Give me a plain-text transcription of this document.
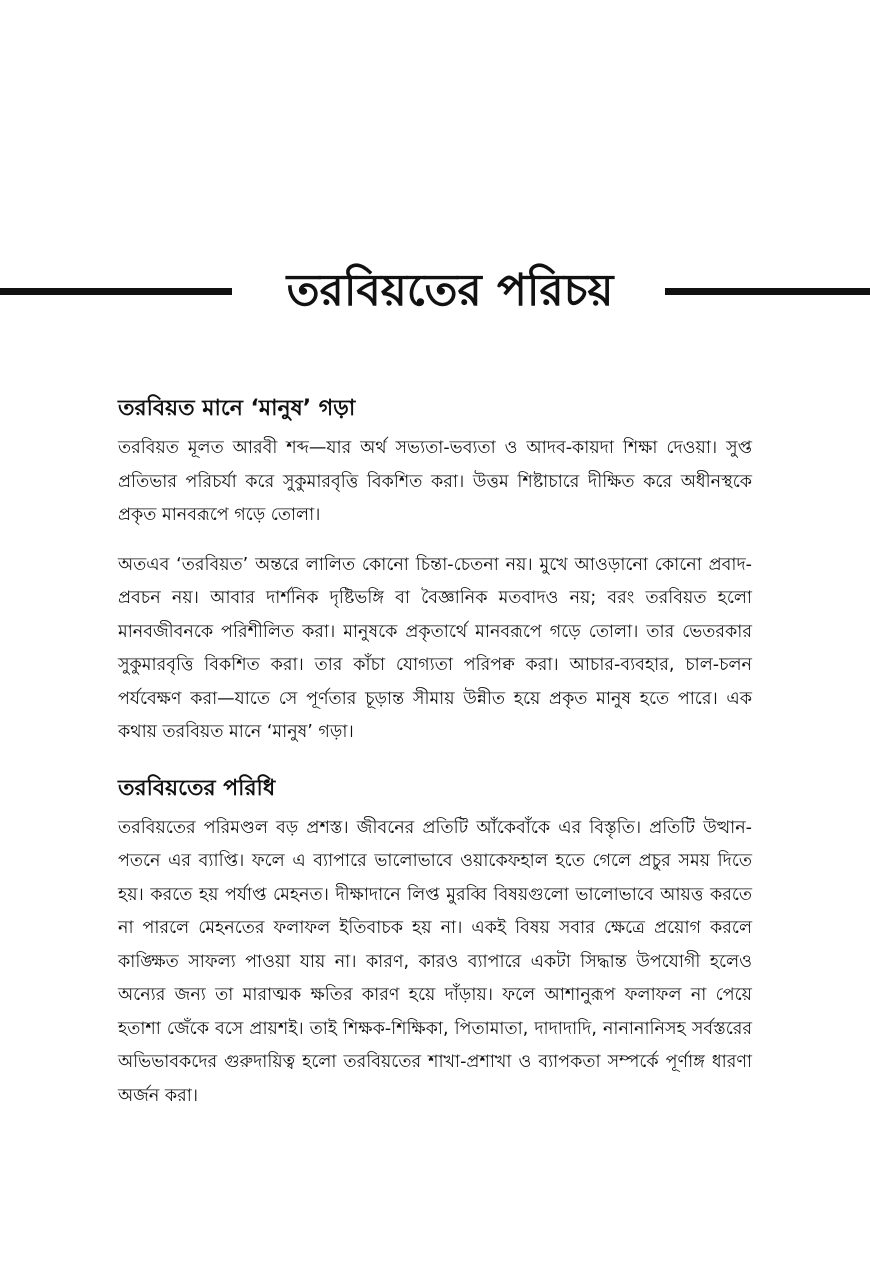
তরবিয়তের পরিচয়
তরবিয়ত মানে ‘মানুষ’ গড়া

তরবিয়ত মূলত আরবী শব্দ—যার অর্থ সভ্যতা-ভব্যতা ও আদব-কায়দা শিক্ষা দেওয়া। সুপ্ত প্রতিভার পরিচর্যা করে সুকুমারবৃত্তি বিকশিত করা। উত্তম শিষ্টাচারে দীক্ষিত করে অধীনস্থকে প্রকৃত মানবরূপে গড়ে তোলা।

অতএব ‘তরবিয়ত’ অন্তরে লালিত কোনো চিন্তা-চেতনা নয়। মুখে আওড়ানো কোনো প্রবাদ-প্রবচন নয়। আবার দার্শনিক দৃষ্টিভঙ্গি বা বৈজ্ঞানিক মতবাদও নয়; বরং তরবিয়ত হলো মানবজীবনকে পরিশীলিত করা। মানুষকে প্রকৃতার্থে মানবরূপে গড়ে তোলা। তার ভেতরকার সুকুমারবৃত্তি বিকশিত করা। তার কাঁচা যোগ্যতা পরিপক্ব করা। আচার-ব্যবহার, চাল-চলন পর্যবেক্ষণ করা—যাতে সে পূর্ণতার চূড়ান্ত সীমায় উন্নীত হয়ে প্রকৃত মানুষ হতে পারে। এক কথায় তরবিয়ত মানে ‘মানুষ’ গড়া।

তরবিয়তের পরিধি

তরবিয়তের পরিমণ্ডল বড় প্রশস্ত। জীবনের প্রতিটি আঁকেবাঁকে এর বিস্তৃতি। প্রতিটি উত্থান-পতনে এর ব্যাপ্তি। ফলে এ ব্যাপারে ভালোভাবে ওয়াকেফহাল হতে গেলে প্রচুর সময় দিতে হয়। করতে হয় পর্যাপ্ত মেহনত। দীক্ষাদানে লিপ্ত মুরব্বি বিষয়গুলো ভালোভাবে আয়ত্ত করতে না পারলে মেহনতের ফলাফল ইতিবাচক হয় না। একই বিষয় সবার ক্ষেত্রে প্রয়োগ করলে কাঙ্ক্ষিত সাফল্য পাওয়া যায় না। কারণ, কারও ব্যাপারে একটা সিদ্ধান্ত উপযোগী হলেও অন্যের জন্য তা মারাত্মক ক্ষতির কারণ হয়ে দাঁড়ায়। ফলে আশানুরূপ ফলাফল না পেয়ে হতাশা জেঁকে বসে প্রায়শই। তাই শিক্ষক-শিক্ষিকা, পিতামাতা, দাদাদাদি, নানানানিসহ সর্বস্তরের অভিভাবকদের গুরুদায়িত্ব হলো তরবিয়তের শাখা-প্রশাখা ও ব্যাপকতা সম্পর্কে পূর্ণাঙ্গ ধারণা অর্জন করা।
